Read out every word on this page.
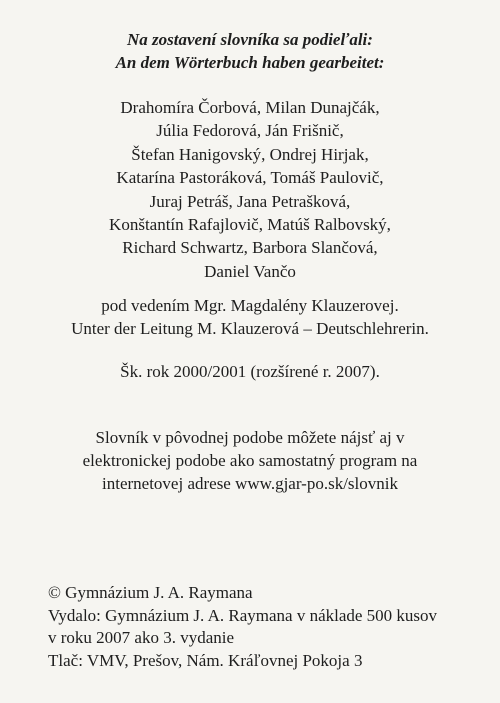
Na zostavení slovníka sa podieľali:
An dem Wörterbuch haben gearbeitet:
Drahomíra Čorbová, Milan Dunajčák,
Júlia Fedorová, Ján Frišnič,
Štefan Hanigovský, Ondrej Hirjak,
Katarína Pastoráková, Tomáš Paulovič,
Juraj Petráš, Jana Petrašková,
Konštantín Rafajlovič, Matúš Ralbovský,
Richard Schwartz, Barbora Slančová,
Daniel Vančo
pod vedením Mgr. Magdalény Klauzerovej.
Unter der Leitung M. Klauzerová – Deutschlehrerin.
Šk. rok 2000/2001 (rozšírené r. 2007).
Slovník v pôvodnej podobe môžete nájsť aj v
elektronickej podobe ako samostatný program na
internetovej adrese www.gjar-po.sk/slovnik
© Gymnázium J. A. Raymana
Vydalo: Gymnázium J. A. Raymana v náklade 500 kusov
v roku 2007 ako 3. vydanie
Tlač: VMV, Prešov, Nám. Kráľovnej Pokoja 3
